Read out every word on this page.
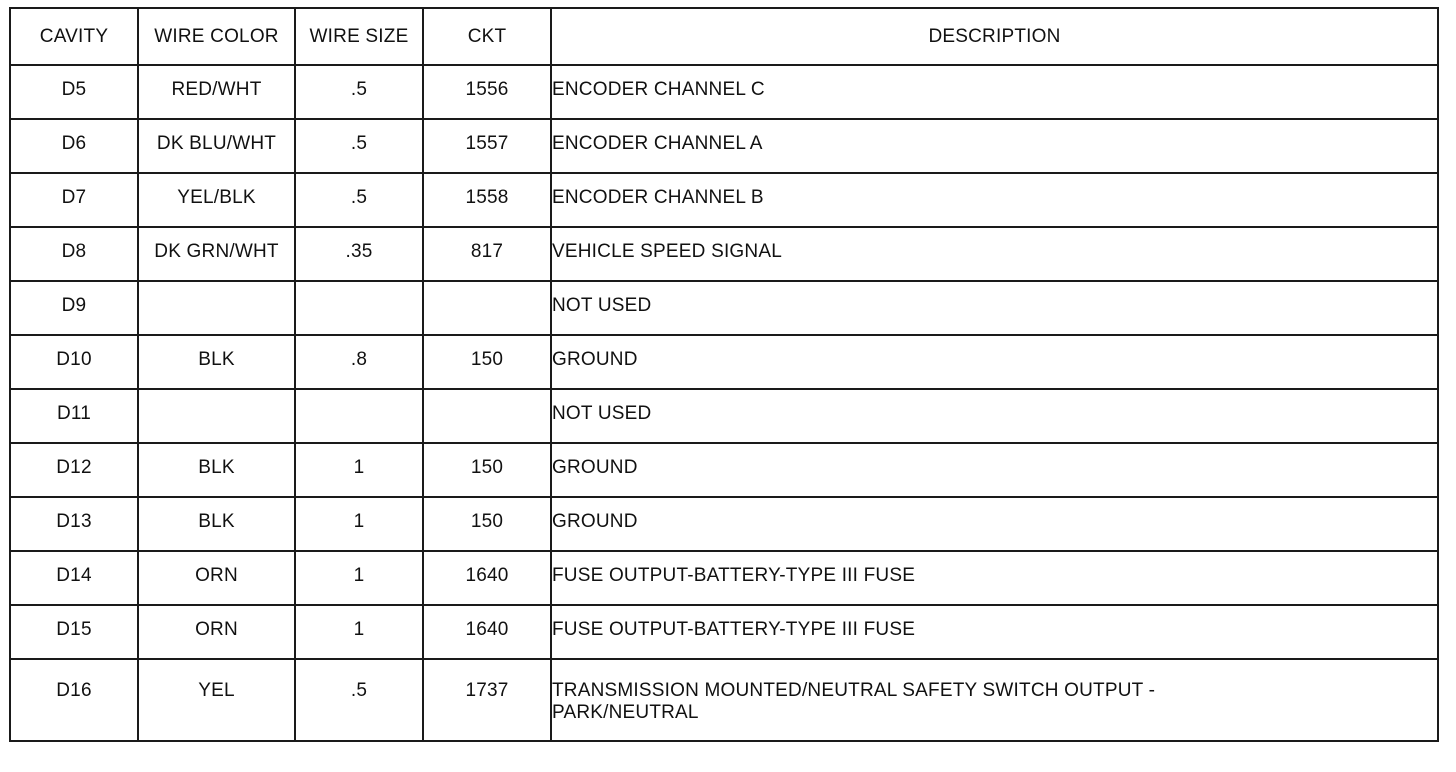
CAVITY	WIRE COLOR	WIRE SIZE	CKT	DESCRIPTION
D5	RED/WHT	.5	1556	ENCODER CHANNEL C
D6	DK BLU/WHT	.5	1557	ENCODER CHANNEL A
D7	YEL/BLK	.5	1558	ENCODER CHANNEL B
D8	DK GRN/WHT	.35	817	VEHICLE SPEED SIGNAL
D9				NOT USED
D10	BLK	.8	150	GROUND
D11				NOT USED
D12	BLK	1	150	GROUND
D13	BLK	1	150	GROUND
D14	ORN	1	1640	FUSE OUTPUT-BATTERY-TYPE III FUSE
D15	ORN	1	1640	FUSE OUTPUT-BATTERY-TYPE III FUSE
D16	YEL	.5	1737	TRANSMISSION MOUNTED/NEUTRAL SAFETY SWITCH OUTPUT -
PARK/NEUTRAL
